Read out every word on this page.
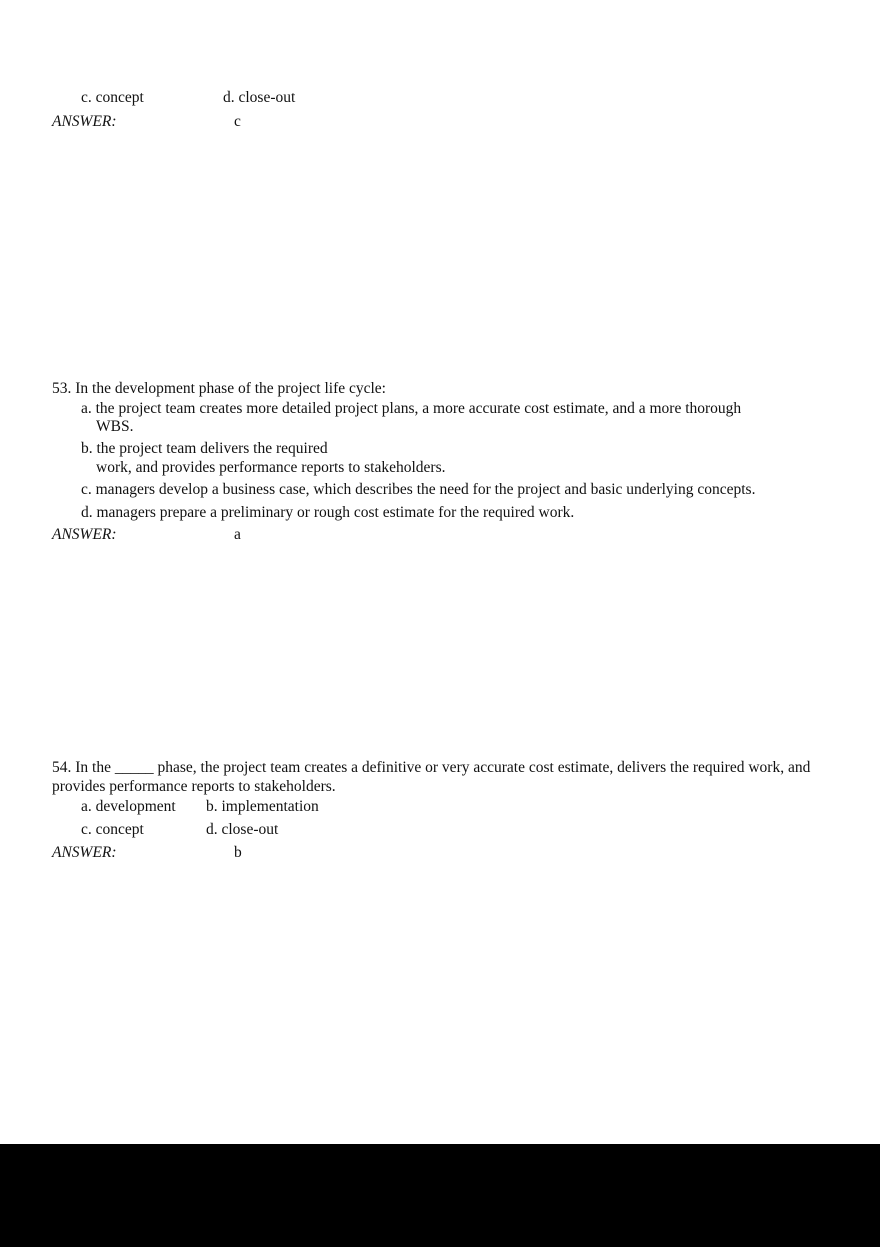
c. concept	d. close-out
ANSWER:	c
53. In the development phase of the project life cycle:
a. the project team creates more detailed project plans, a more accurate cost estimate, and a more thorough
WBS.
b. the project team delivers the required
work, and provides performance reports to stakeholders.
c. managers develop a business case, which describes the need for the project and basic underlying concepts.
d. managers prepare a preliminary or rough cost estimate for the required work.
ANSWER:	a
54. In the _____ phase, the project team creates a definitive or very accurate cost estimate, delivers the required work, and
provides performance reports to stakeholders.
a. development b. implementation
c. concept	d. close-out
ANSWER:	b
